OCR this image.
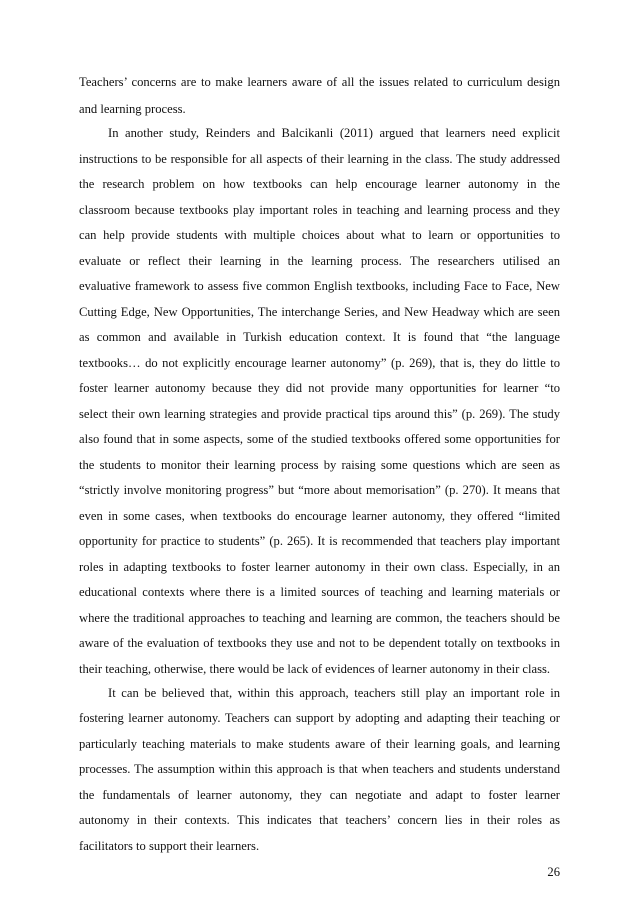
Teachers’ concerns are to make learners aware of all the issues related to curriculum design
and learning process.
In another study, Reinders and Balcikanli (2011) argued that learners need explicit
instructions to be responsible for all aspects of their learning in the class. The study addressed
the research problem on how textbooks can help encourage learner autonomy in the
classroom because textbooks play important roles in teaching and learning process and they
can help provide students with multiple choices about what to learn or opportunities to
evaluate or reflect their learning in the learning process. The researchers utilised an
evaluative framework to assess five common English textbooks, including Face to Face, New
Cutting Edge, New Opportunities, The interchange Series, and New Headway which are seen
as common and available in Turkish education context. It is found that “the language
textbooks… do not explicitly encourage learner autonomy” (p. 269), that is, they do little to
foster learner autonomy because they did not provide many opportunities for learner “to
select their own learning strategies and provide practical tips around this” (p. 269). The study
also found that in some aspects, some of the studied textbooks offered some opportunities for
the students to monitor their learning process by raising some questions which are seen as
“strictly involve monitoring progress” but “more about memorisation” (p. 270). It means that
even in some cases, when textbooks do encourage learner autonomy, they offered “limited
opportunity for practice to students” (p. 265). It is recommended that teachers play important
roles in adapting textbooks to foster learner autonomy in their own class. Especially, in an
educational contexts where there is a limited sources of teaching and learning materials or
where the traditional approaches to teaching and learning are common, the teachers should be
aware of the evaluation of textbooks they use and not to be dependent totally on textbooks in
their teaching, otherwise, there would be lack of evidences of learner autonomy in their class.
It can be believed that, within this approach, teachers still play an important role in
fostering learner autonomy. Teachers can support by adopting and adapting their teaching or
particularly teaching materials to make students aware of their learning goals, and learning
processes. The assumption within this approach is that when teachers and students understand
the fundamentals of learner autonomy, they can negotiate and adapt to foster learner
autonomy in their contexts. This indicates that teachers’ concern lies in their roles as
facilitators to support their learners.
26
